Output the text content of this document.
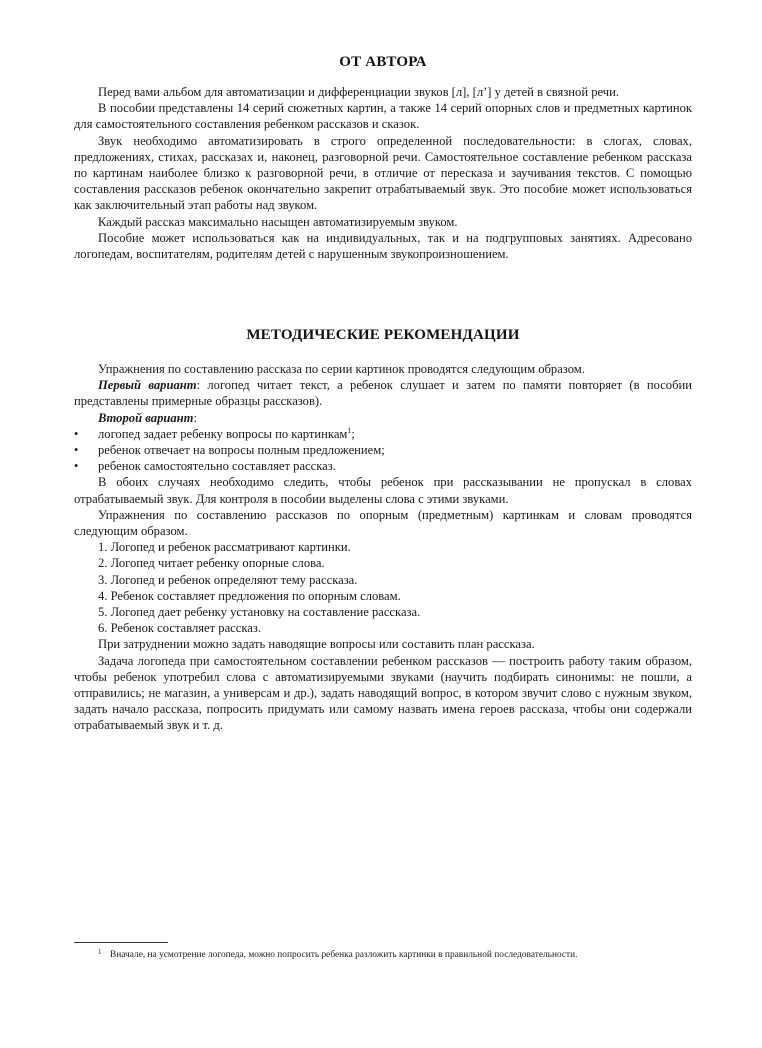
ОТ АВТОРА

Перед вами альбом для автоматизации и дифференциации звуков [л], [л’] у детей в связной речи.

В пособии представлены 14 серий сюжетных картин, а также 14 серий опорных слов и предметных картинок для самостоятельного составления ребенком рассказов и сказок.

Звук необходимо автоматизировать в строго определенной последовательности: в слогах, словах, предложениях, стихах, рассказах и, наконец, разговорной речи. Самостоятельное составление ребенком рассказа по картинам наиболее близко к разговорной речи, в отличие от пересказа и заучивания текстов. С помощью составления рассказов ребенок окончательно закрепит отрабатываемый звук. Это пособие может использоваться как заключительный этап работы над звуком.

Каждый рассказ максимально насыщен автоматизируемым звуком.

Пособие может использоваться как на индивидуальных, так и на подгрупповых занятиях. Адресовано логопедам, воспитателям, родителям детей с нарушенным звукопроизношением.

МЕТОДИЧЕСКИЕ РЕКОМЕНДАЦИИ

Упражнения по составлению рассказа по серии картинок проводятся следующим образом.

Первый вариант: логопед читает текст, а ребенок слушает и затем по памяти повторяет (в пособии представлены примерные образцы рассказов).

Второй вариант:

• логопед задает ребенку вопросы по картинкам$^1$;

• ребенок отвечает на вопросы полным предложением;

• ребенок самостоятельно составляет рассказ.

В обоих случаях необходимо следить, чтобы ребенок при рассказывании не пропускал в словах отрабатываемый звук. Для контроля в пособии выделены слова с этими звуками.

Упражнения по составлению рассказов по опорным (предметным) картинкам и словам проводятся следующим образом.

1. Логопед и ребенок рассматривают картинки.

2. Логопед читает ребенку опорные слова.

3. Логопед и ребенок определяют тему рассказа.

4. Ребенок составляет предложения по опорным словам.

5. Логопед дает ребенку установку на составление рассказа.

6. Ребенок составляет рассказ.

При затруднении можно задать наводящие вопросы или составить план рассказа.

Задача логопеда при самостоятельном составлении ребенком рассказов — построить работу таким образом, чтобы ребенок употребил слова с автоматизируемыми звуками (научить подбирать синонимы: не пошли, а отправились; не магазин, а универсам и др.), задать наводящий вопрос, в котором звучит слово с нужным звуком, задать начало рассказа, попросить придумать или самому назвать имена героев рассказа, чтобы они содержали отрабатываемый звук и т. д.

1 Вначале, на усмотрение логопеда, можно попросить ребенка разложить картинки в правильной последовательности.
